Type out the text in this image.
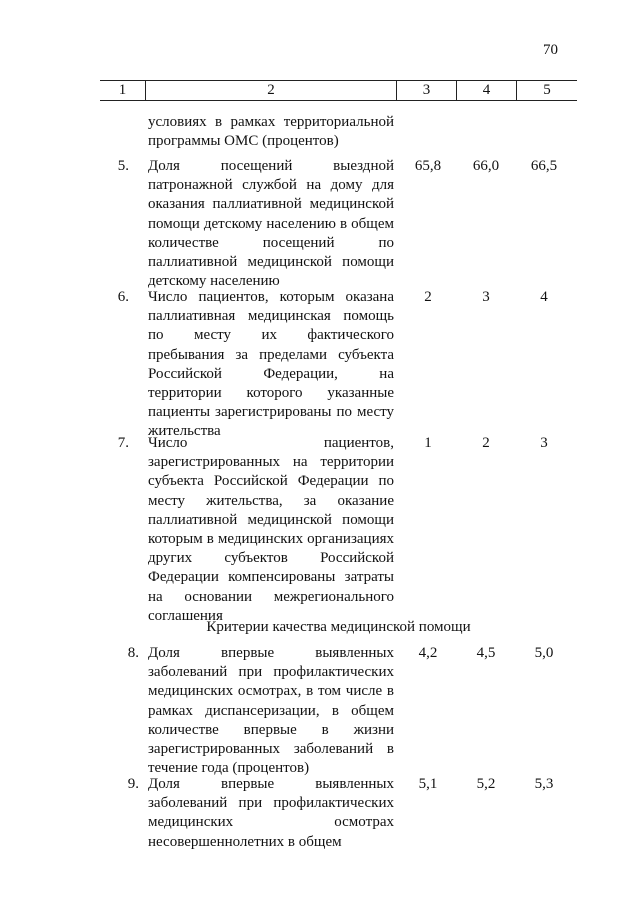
70
1	2	3	4	5
условиях в рамках территориальной программы ОМС (процентов)
5. Доля посещений выездной патронажной службой на дому для оказания паллиативной медицинской помощи детскому населению в общем количестве посещений по паллиативной медицинской помощи детскому населению
65,8	66,0	66,5
6. Число пациентов, которым оказана паллиативная медицинская помощь по месту их фактического пребывания за пределами субъекта Российской Федерации, на территории которого указанные пациенты зарегистрированы по месту жительства
2	3	4
7. Число пациентов, зарегистрированных на территории субъекта Российской Федерации по месту жительства, за оказание паллиативной медицинской помощи которым в медицинских организациях других субъектов Российской Федерации компенсированы затраты на основании межрегионального соглашения
1	2	3
Критерии качества медицинской помощи
8. Доля впервые выявленных заболеваний при профилактических медицинских осмотрах, в том числе в рамках диспансеризации, в общем количестве впервые в жизни зарегистрированных заболеваний в течение года (процентов)
4,2	4,5	5,0
9. Доля впервые выявленных заболеваний при профилактических медицинских осмотрах несовершеннолетних в общем
5,1	5,2	5,3
